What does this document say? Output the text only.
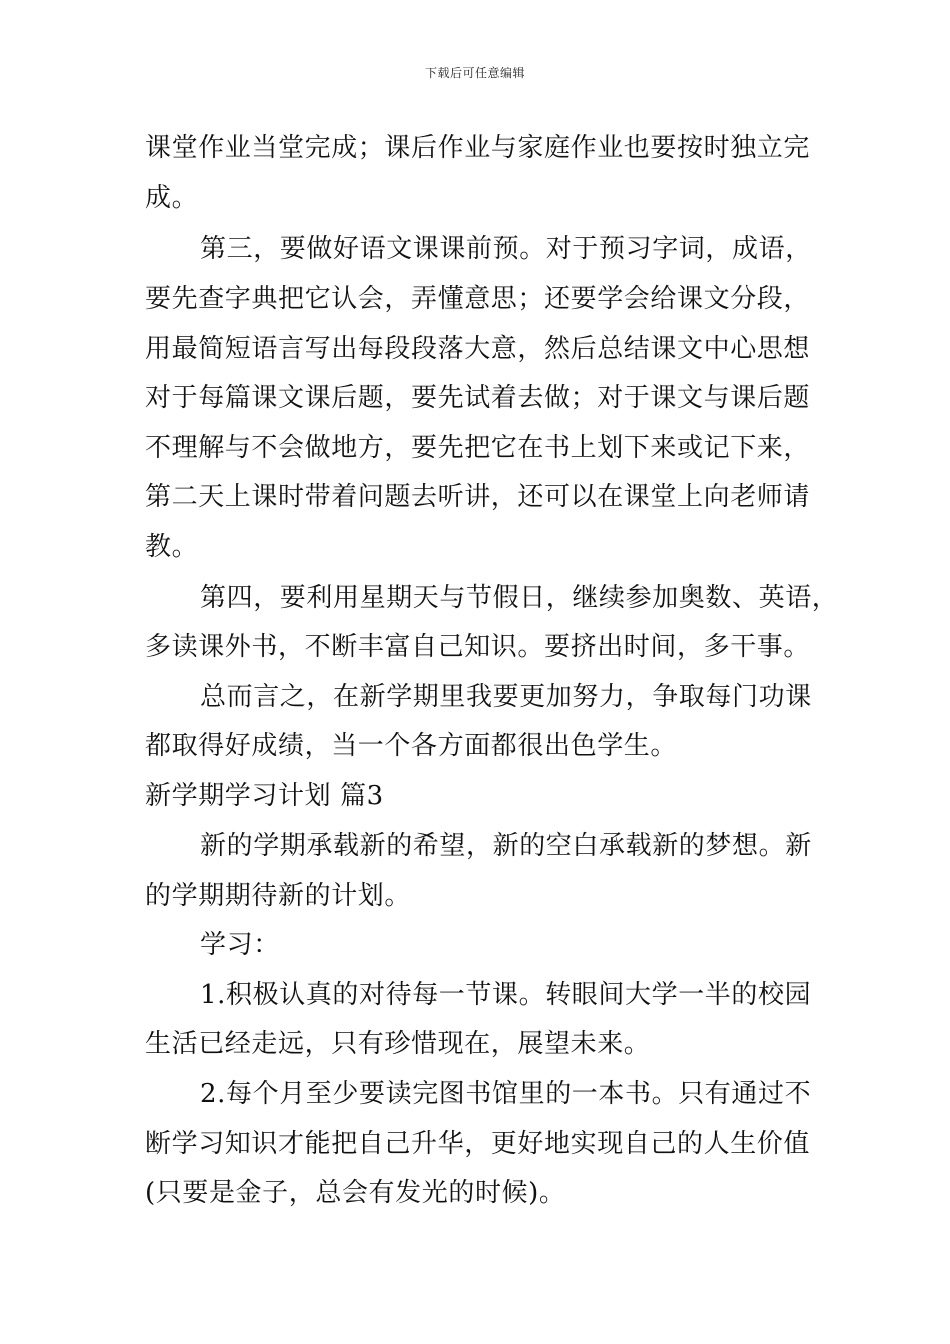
下载后可任意编辑
课堂作业当堂完成；课后作业与家庭作业也要按时独立完
成。
第三，要做好语文课课前预。对于预习字词，成语，
要先查字典把它认会，弄懂意思；还要学会给课文分段，
用最简短语言写出每段段落大意，然后总结课文中心思想
对于每篇课文课后题，要先试着去做；对于课文与课后题
不理解与不会做地方，要先把它在书上划下来或记下来，
第二天上课时带着问题去听讲，还可以在课堂上向老师请
教。
第四，要利用星期天与节假日，继续参加奥数、英语，
多读课外书，不断丰富自己知识。要挤出时间，多干事。
总而言之，在新学期里我要更加努力，争取每门功课
都取得好成绩，当一个各方面都很出色学生。
新学期学习计划 篇3
新的学期承载新的希望，新的空白承载新的梦想。新
的学期期待新的计划。
学习：
1.积极认真的对待每一节课。转眼间大学一半的校园
生活已经走远，只有珍惜现在，展望未来。
2.每个月至少要读完图书馆里的一本书。只有通过不
断学习知识才能把自己升华，更好地实现自己的人生价值
(只要是金子，总会有发光的时候)。
